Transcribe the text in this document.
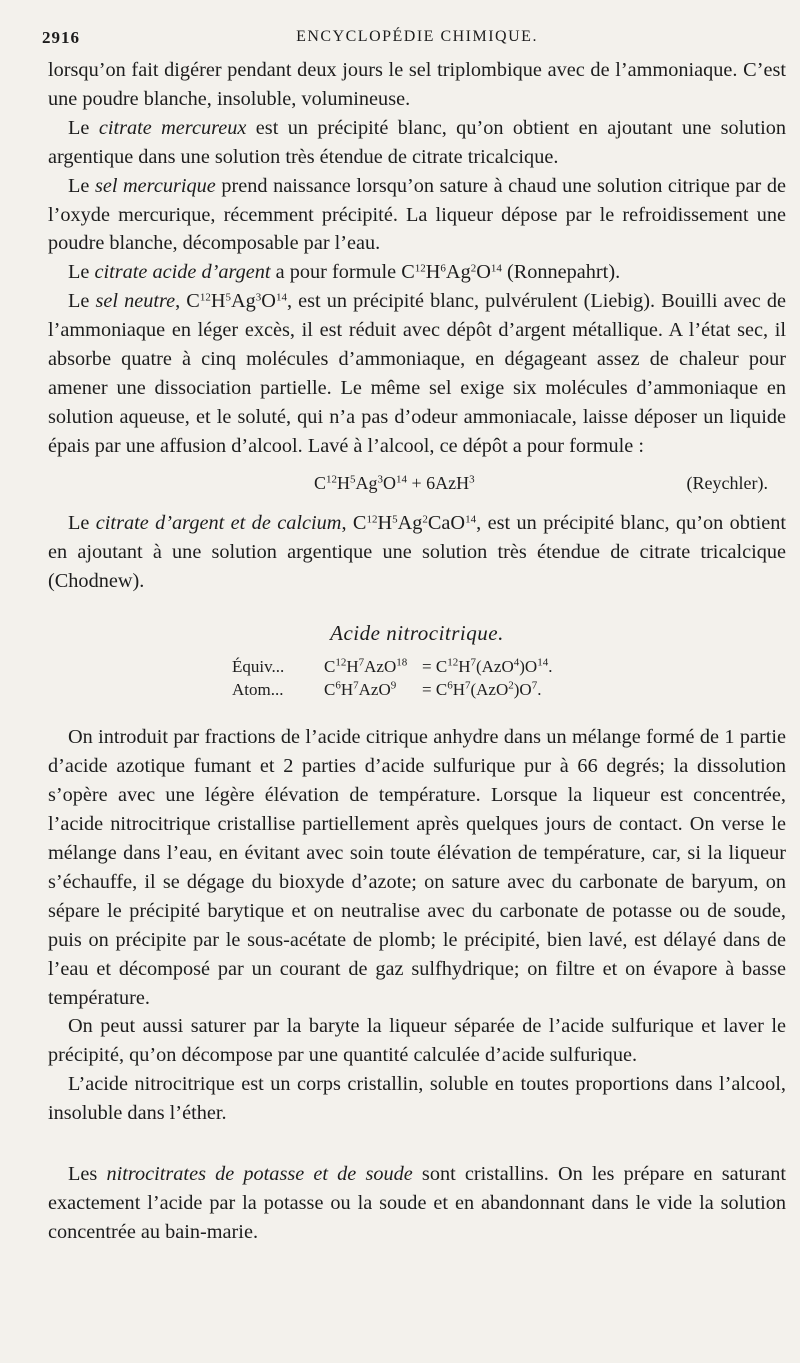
2916	ENCYCLOPÉDIE CHIMIQUE.

lorsqu’on fait digérer pendant deux jours le sel triplombique avec de l’ammoniaque. C’est une poudre blanche, insoluble, volumineuse.

Le citrate mercureux est un précipité blanc, qu’on obtient en ajoutant une solution argentique dans une solution très étendue de citrate tricalcique.

Le sel mercurique prend naissance lorsqu’on sature à chaud une solution citrique par de l’oxyde mercurique, récemment précipité. La liqueur dépose par le refroidissement une poudre blanche, décomposable par l’eau.

Le citrate acide d’argent a pour formule $C^{12}H^6Ag^2O^{14}$ (Ronnepahrt).

Le sel neutre, $C^{12}H^5Ag^3O^{14}$, est un précipité blanc, pulvérulent (Liebig). Bouilli avec de l’ammoniaque en léger excès, il est réduit avec dépôt d’argent métallique. A l’état sec, il absorbe quatre à cinq molécules d’ammoniaque, en dégageant assez de chaleur pour amener une dissociation partielle. Le même sel exige six molécules d’ammoniaque en solution aqueuse, et le soluté, qui n’a pas d’odeur ammoniacale, laisse déposer un liquide épais par une affusion d’alcool. Lavé à l’alcool, ce dépôt a pour formule :

$C^{12}H^5Ag^3O^{14} + 6AzH^3$	(Reychler).

Le citrate d’argent et de calcium, $C^{12}H^5Ag^2CaO^{14}$, est un précipité blanc, qu’on obtient en ajoutant à une solution argentique une solution très étendue de citrate tricalcique (Chodnew).

Acide nitrocitrique.
Équiv... $C^{12}H^7AzO^{18} = C^{12}H^7(AzO^4)O^{14}$.
Atom... $C^6H^7AzO^9 = C^6H^7(AzO^2)O^7$.

On introduit par fractions de l’acide citrique anhydre dans un mélange formé de 1 partie d’acide azotique fumant et 2 parties d’acide sulfurique pur à 66 degrés; la dissolution s’opère avec une légère élévation de température. Lorsque la liqueur est concentrée, l’acide nitrocitrique cristallise partiellement après quelques jours de contact. On verse le mélange dans l’eau, en évitant avec soin toute élévation de température, car, si la liqueur s’échauffe, il se dégage du bioxyde d’azote; on sature avec du carbonate de baryum, on sépare le précipité barytique et on neutralise avec du carbonate de potasse ou de soude, puis on précipite par le sous-acétate de plomb; le précipité, bien lavé, est délayé dans de l’eau et décomposé par un courant de gaz sulfhydrique; on filtre et on évapore à basse température.

On peut aussi saturer par la baryte la liqueur séparée de l’acide sulfurique et laver le précipité, qu’on décompose par une quantité calculée d’acide sulfurique.

L’acide nitrocitrique est un corps cristallin, soluble en toutes proportions dans l’alcool, insoluble dans l’éther.

Les nitrocitrates de potasse et de soude sont cristallins. On les prépare en saturant exactement l’acide par la potasse ou la soude et en abandonnant dans le vide la solution concentrée au bain-marie.
